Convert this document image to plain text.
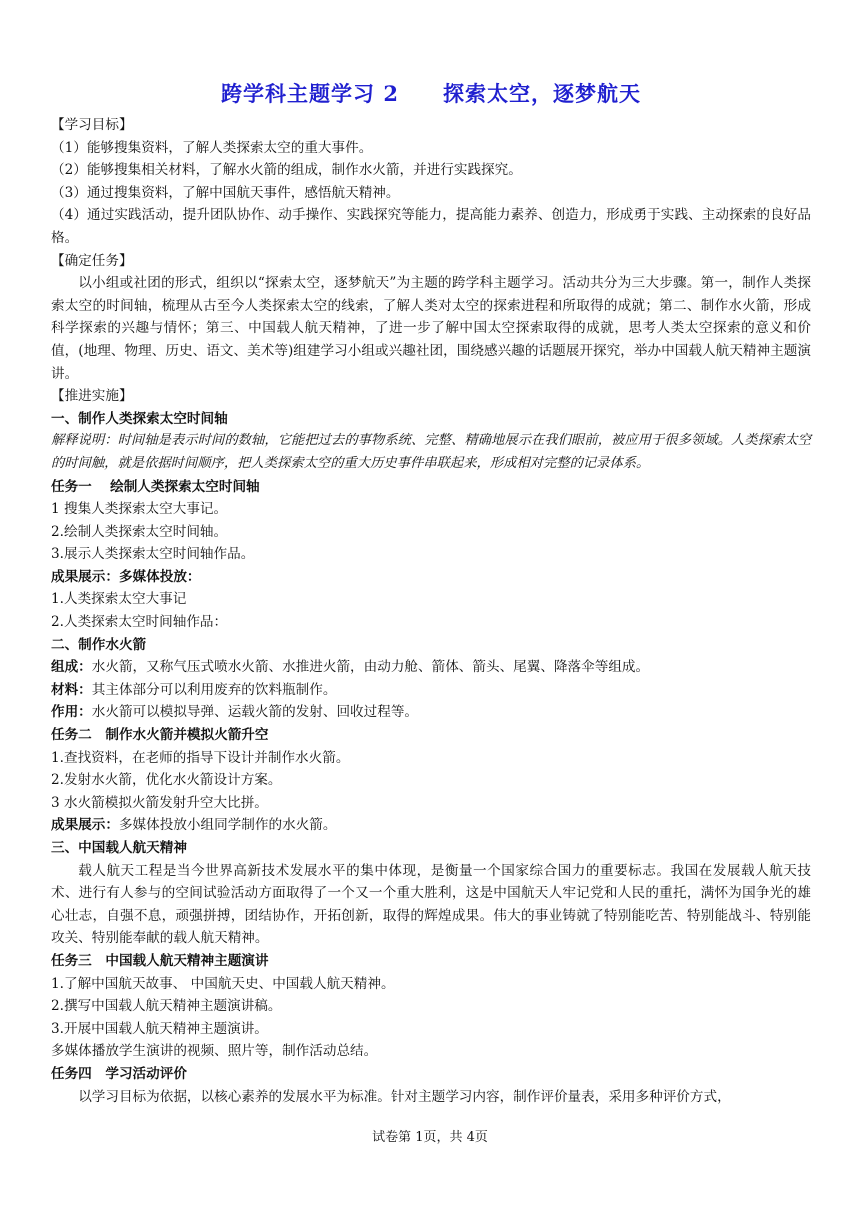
跨学科主题学习 2　　探索太空，逐梦航天
【学习目标】
（1）能够搜集资料，了解人类探索太空的重大事件。
（2）能够搜集相关材料，了解水火箭的组成，制作水火箭，并进行实践探究。
（3）通过搜集资料，了解中国航天事件，感悟航天精神。
（4）通过实践活动，提升团队协作、动手操作、实践探究等能力，提高能力素养、创造力，形成勇于实践、主动探索的良好品格。
【确定任务】
以小组或社团的形式，组织以“探索太空，逐梦航天”为主题的跨学科主题学习。活动共分为三大步骤。第一，制作人类探索太空的时间轴，梳理从古至今人类探索太空的线索，了解人类对太空的探索进程和所取得的成就；第二、制作水火箭，形成科学探索的兴趣与情怀；第三、中国载人航天精神，了进一步了解中国太空探索取得的成就，思考人类太空探索的意义和价值，(地理、物理、历史、语文、美术等)组建学习小组或兴趣社团，围绕感兴趣的话题展开探究，举办中国载人航天精神主题演讲。
【推进实施】
一、制作人类探索太空时间轴
解释说明：时间轴是表示时间的数轴，它能把过去的事物系统、完整、精确地展示在我们眼前，被应用于很多领域。人类探索太空的时间触，就是依据时间顺序，把人类探索太空的重大历史事件串联起来，形成相对完整的记录体系。
任务一　 绘制人类探索太空时间轴
1 搜集人类探索太空大事记。
2.绘制人类探索太空时间轴。
3.展示人类探索太空时间轴作品。
成果展示：多媒体投放：
1.人类探索太空大事记
2.人类探索太空时间轴作品：
二、制作水火箭
组成：水火箭，又称气压式喷水火箭、水推进火箭，由动力舱、箭体、箭头、尾翼、降落伞等组成。
材料：其主体部分可以利用废弃的饮料瓶制作。
作用：水火箭可以模拟导弹、运载火箭的发射、回收过程等。
任务二　制作水火箭并模拟火箭升空
1.查找资料，在老师的指导下设计并制作水火箭。
2.发射水火箭，优化水火箭设计方案。
3 水火箭模拟火箭发射升空大比拼。
成果展示：多媒体投放小组同学制作的水火箭。
三、中国载人航天精神
载人航天工程是当今世界高新技术发展水平的集中体现，是衡量一个国家综合国力的重要标志。我国在发展载人航天技术、进行有人参与的空间试验活动方面取得了一个又一个重大胜利，这是中国航天人牢记党和人民的重托，满怀为国争光的雄心壮志，自强不息，顽强拼搏，团结协作，开拓创新，取得的辉煌成果。伟大的事业铸就了特别能吃苦、特别能战斗、特别能攻关、特别能奉献的载人航天精神。
任务三　中国载人航天精神主题演讲
1.了解中国航天故事、 中国航天史、中国载人航天精神。
2.撰写中国载人航天精神主题演讲稿。
3.开展中国载人航天精神主题演讲。
多媒体播放学生演讲的视频、照片等，制作活动总结。
任务四　学习活动评价
以学习目标为依据，以核心素养的发展水平为标准。针对主题学习内容，制作评价量表，采用多种评价方式，
试卷第 1页，共 4页
